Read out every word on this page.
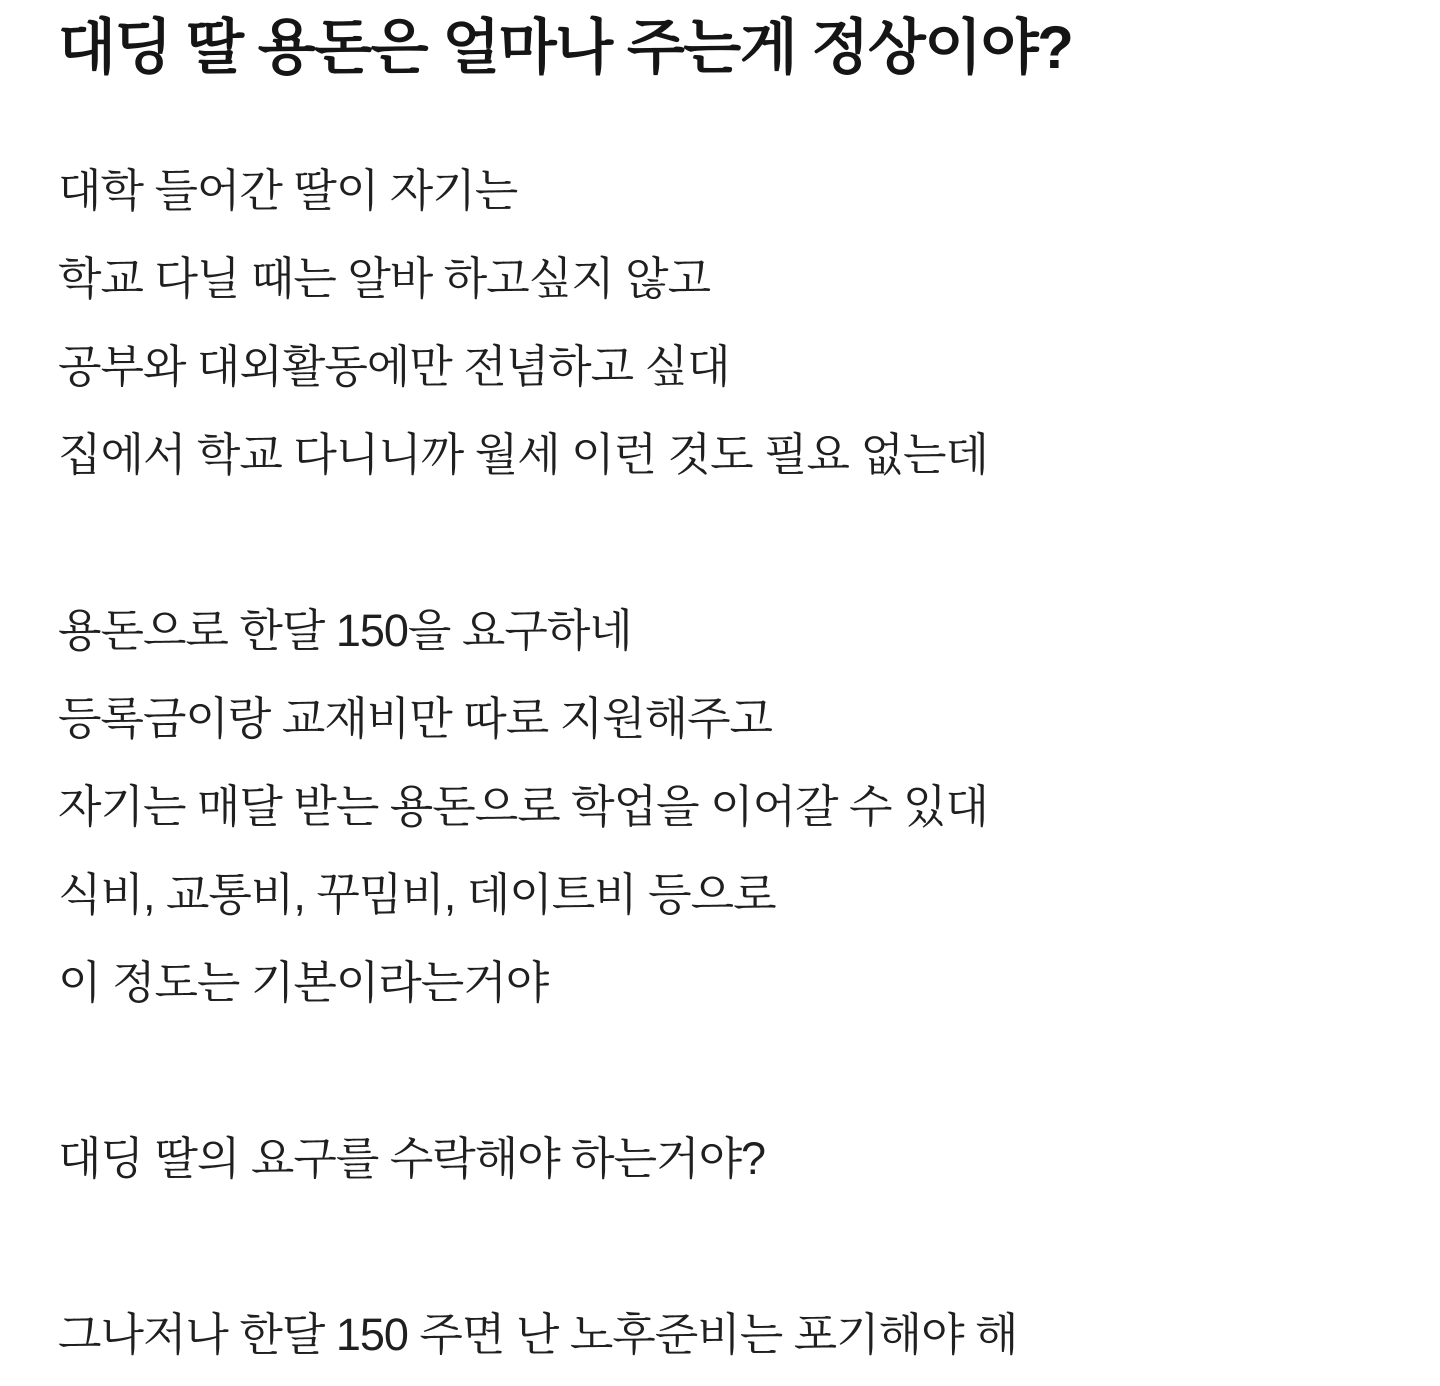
대딩 딸 용돈은 얼마나 주는게 정상이야?

대학 들어간 딸이 자기는
학교 다닐 때는 알바 하고싶지 않고
공부와 대외활동에만 전념하고 싶대
집에서 학교 다니니까 월세 이런 것도 필요 없는데

용돈으로 한달 150을 요구하네
등록금이랑 교재비만 따로 지원해주고
자기는 매달 받는 용돈으로 학업을 이어갈 수 있대
식비, 교통비, 꾸밈비, 데이트비 등으로
이 정도는 기본이라는거야

대딩 딸의 요구를 수락해야 하는거야?

그나저나 한달 150 주면 난 노후준비는 포기해야 해
